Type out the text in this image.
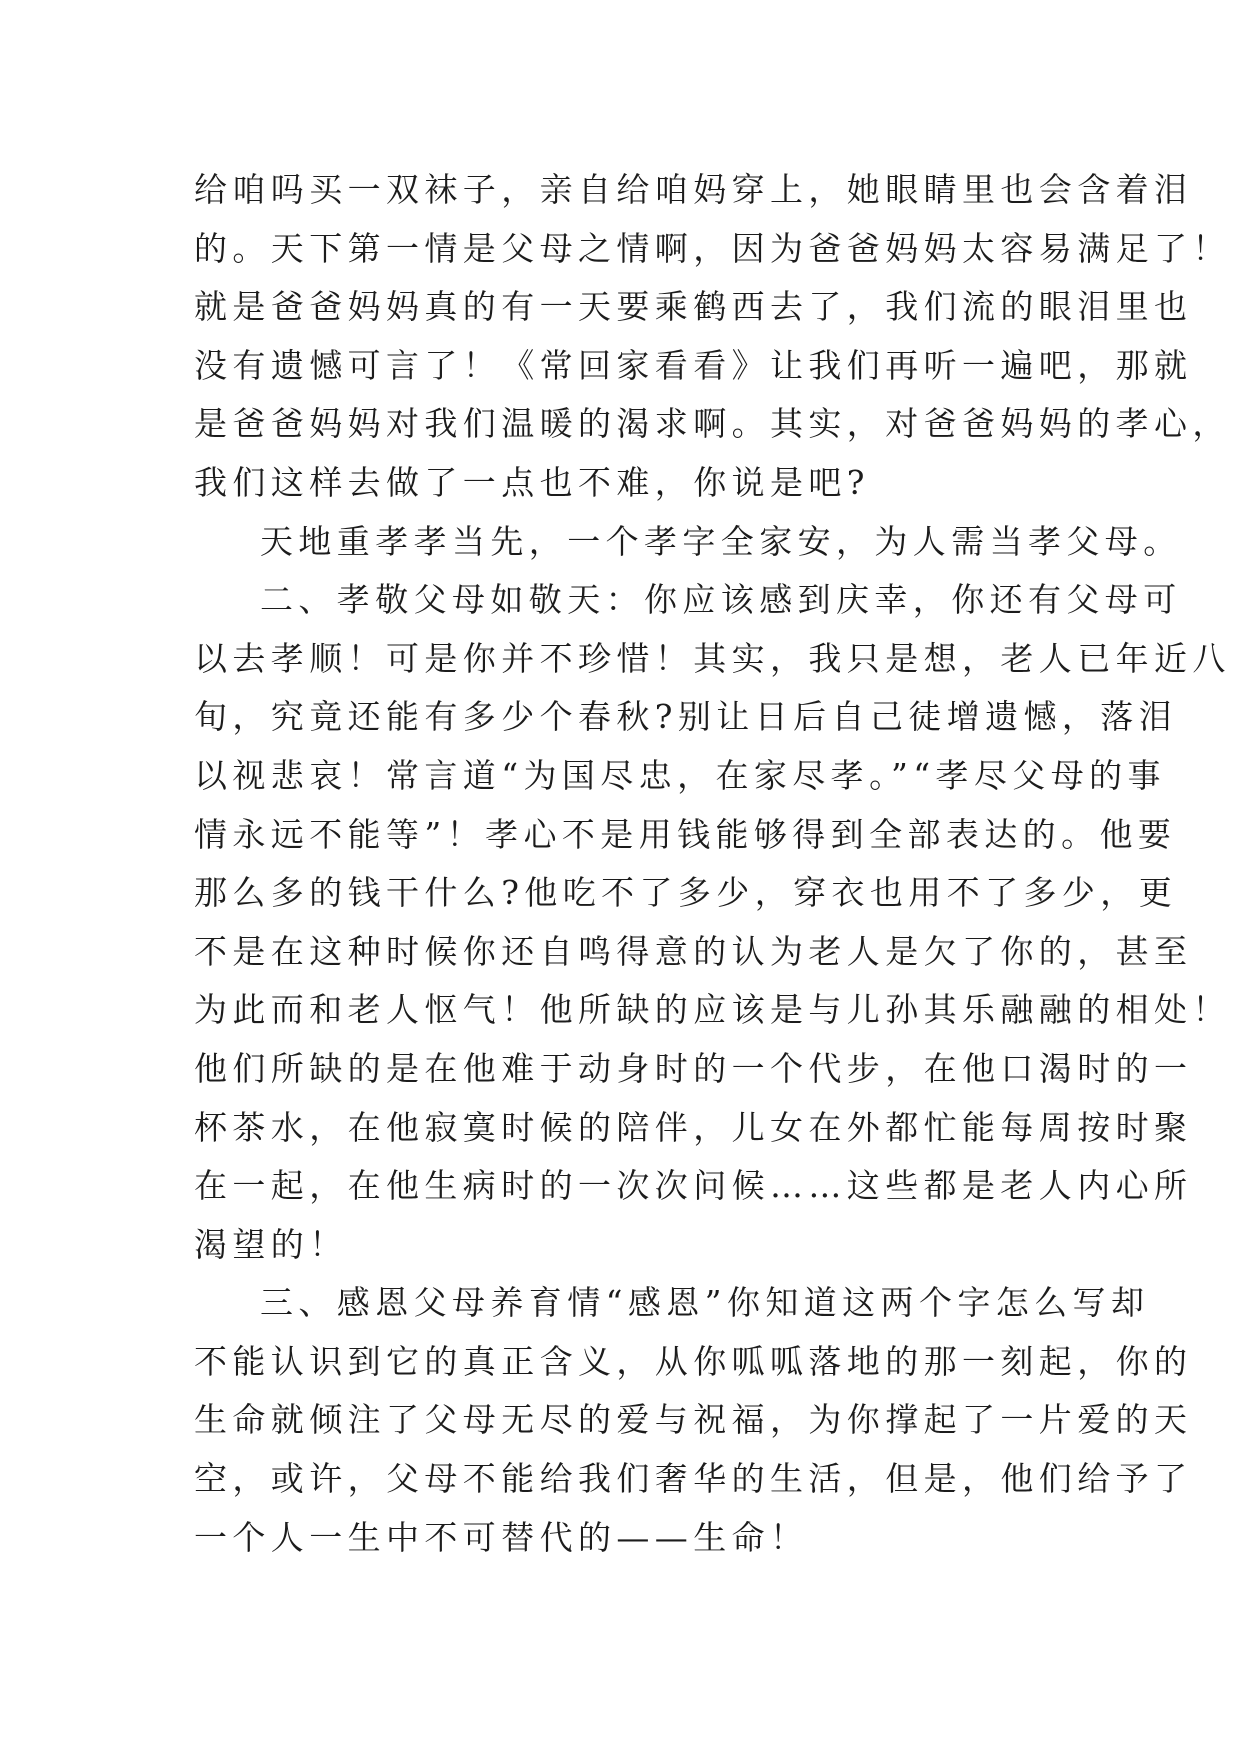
给咱吗买一双袜子，亲自给咱妈穿上，她眼睛里也会含着泪
的。天下第一情是父母之情啊，因为爸爸妈妈太容易满足了！
就是爸爸妈妈真的有一天要乘鹤西去了，我们流的眼泪里也
没有遗憾可言了！《常回家看看》让我们再听一遍吧，那就
是爸爸妈妈对我们温暖的渴求啊。其实，对爸爸妈妈的孝心，
我们这样去做了一点也不难，你说是吧?
天地重孝孝当先，一个孝字全家安，为人需当孝父母。
二、孝敬父母如敬天：你应该感到庆幸，你还有父母可
以去孝顺！可是你并不珍惜！其实，我只是想，老人已年近八
旬，究竟还能有多少个春秋?别让日后自己徒增遗憾，落泪
以视悲哀！常言道“为国尽忠，在家尽孝。”“孝尽父母的事
情永远不能等”！孝心不是用钱能够得到全部表达的。他要
那么多的钱干什么?他吃不了多少，穿衣也用不了多少，更
不是在这种时候你还自鸣得意的认为老人是欠了你的，甚至
为此而和老人怄气！他所缺的应该是与儿孙其乐融融的相处！
他们所缺的是在他难于动身时的一个代步，在他口渴时的一
杯茶水，在他寂寞时候的陪伴，儿女在外都忙能每周按时聚
在一起，在他生病时的一次次问候……这些都是老人内心所
渴望的！
三、感恩父母养育情“感恩”你知道这两个字怎么写却
不能认识到它的真正含义，从你呱呱落地的那一刻起，你的
生命就倾注了父母无尽的爱与祝福，为你撑起了一片爱的天
空，或许，父母不能给我们奢华的生活，但是，他们给予了
一个人一生中不可替代的——生命！
